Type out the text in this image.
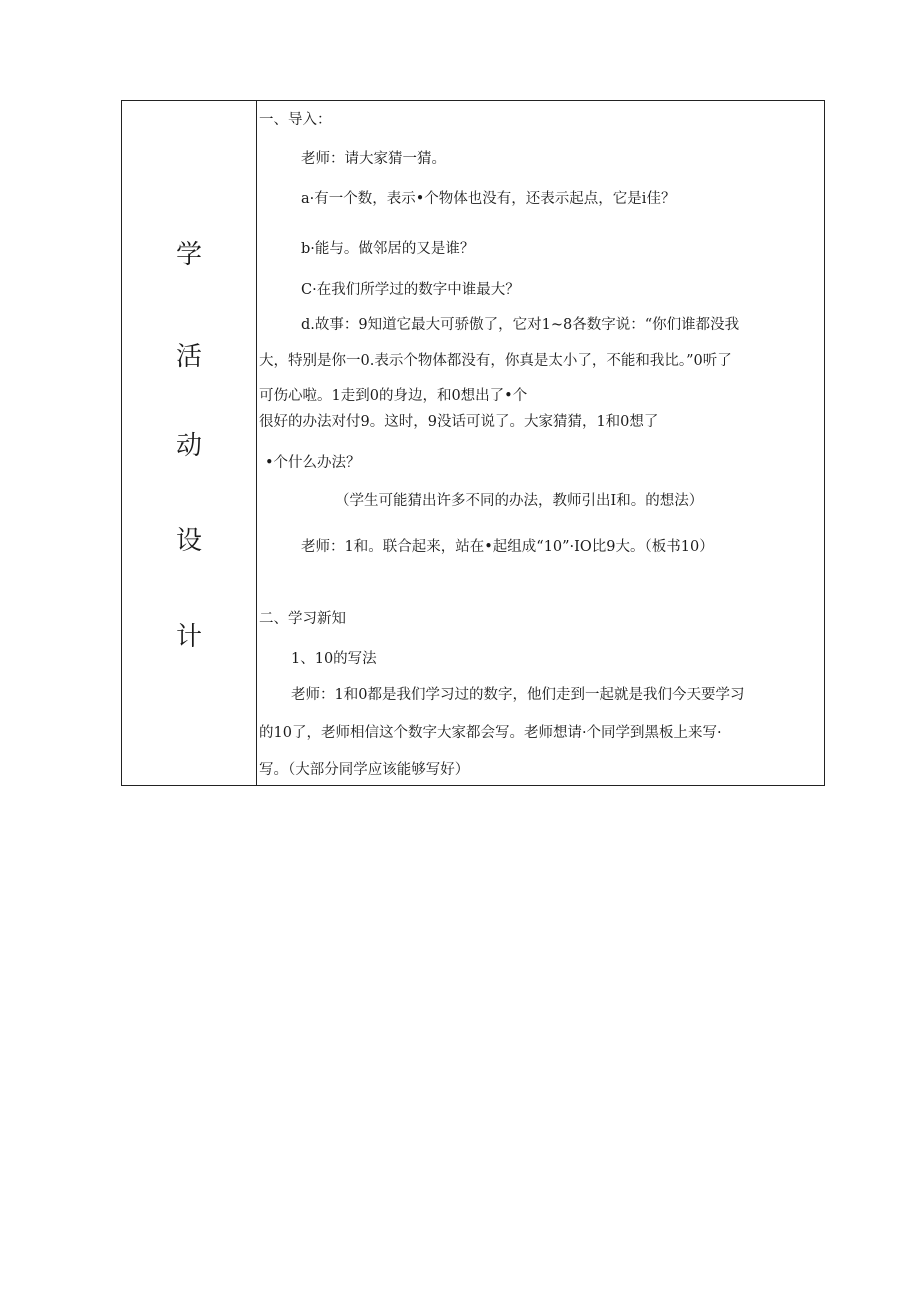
学
活
动
设
计
一、导入：
老师：请大家猜一猜。
a·有一个数，表示•个物体也没有，还表示起点，它是i佳？
b·能与。做邻居的又是谁？
C·在我们所学过的数字中谁最大？
d.故事：9知道它最大可骄傲了，它对1~8各数字说：“你们谁都没我
大，特别是你一0.表示个物体都没有，你真是太小了，不能和我比。”0听了
可伤心啦。1走到0的身边，和0想出了•个
很好的办法对付9。这时，9没话可说了。大家猜猜，1和0想了
•个什么办法？
（学生可能猜出许多不同的办法，教师引出I和。的想法）
老师：1和。联合起来，站在•起组成“10”·IO比9大。（板书10）
二、学习新知
1、10的写法
老师：1和0都是我们学习过的数字，他们走到一起就是我们今天要学习
的10了，老师相信这个数字大家都会写。老师想请·个同学到黑板上来写·
写。（大部分同学应该能够写好）
